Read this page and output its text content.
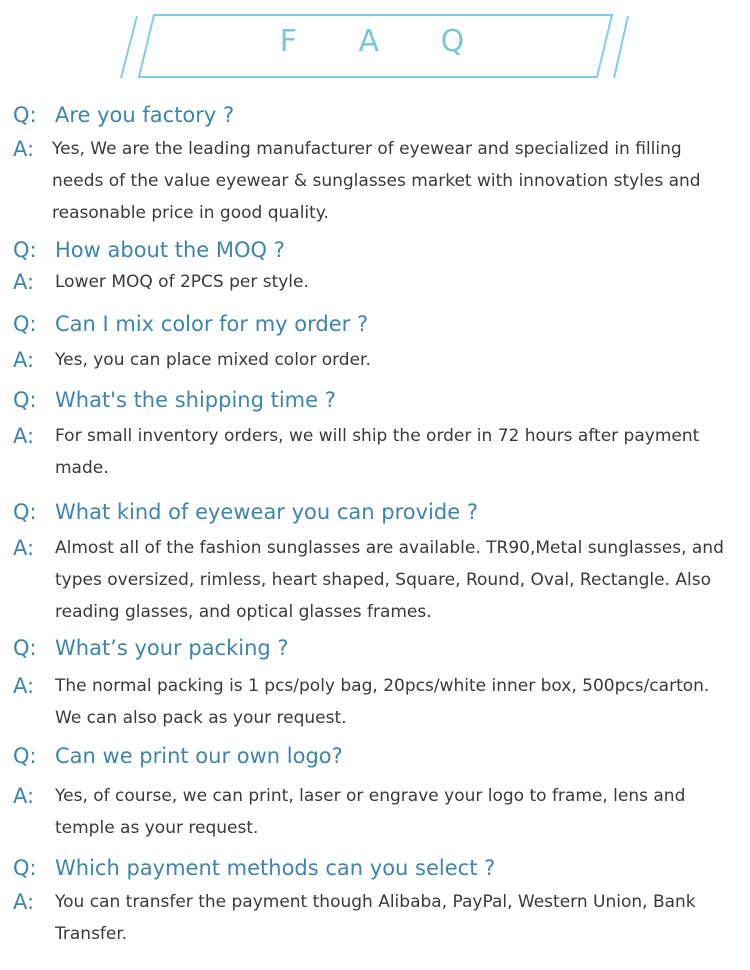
F A Q
Q: Are you factory ?
A:	Yes, We are the leading manufacturer of eyewear and specialized in filling needs of the value eyewear & sunglasses market with innovation styles and reasonable price in good quality.
Q: How about the MOQ ?
A:	Lower MOQ of 2PCS per style.
Q: Can I mix color for my order ?
A:	Yes, you can place mixed color order.
Q: What's the shipping time ?
A:	For small inventory orders, we will ship the order in 72 hours after payment made.
Q: What kind of eyewear you can provide ?
A:	Almost all of the fashion sunglasses are available. TR90,Metal sunglasses, and types oversized, rimless, heart shaped, Square, Round, Oval, Rectangle. Also reading glasses, and optical glasses frames.
Q: What’s your packing ?
A:	The normal packing is 1 pcs/poly bag, 20pcs/white inner box, 500pcs/carton. We can also pack as your request.
Q: Can we print our own logo?
A:	Yes, of course, we can print, laser or engrave your logo to frame, lens and temple as your request.
Q: Which payment methods can you select ?
A:	You can transfer the payment though Alibaba, PayPal, Western Union, Bank Transfer.
